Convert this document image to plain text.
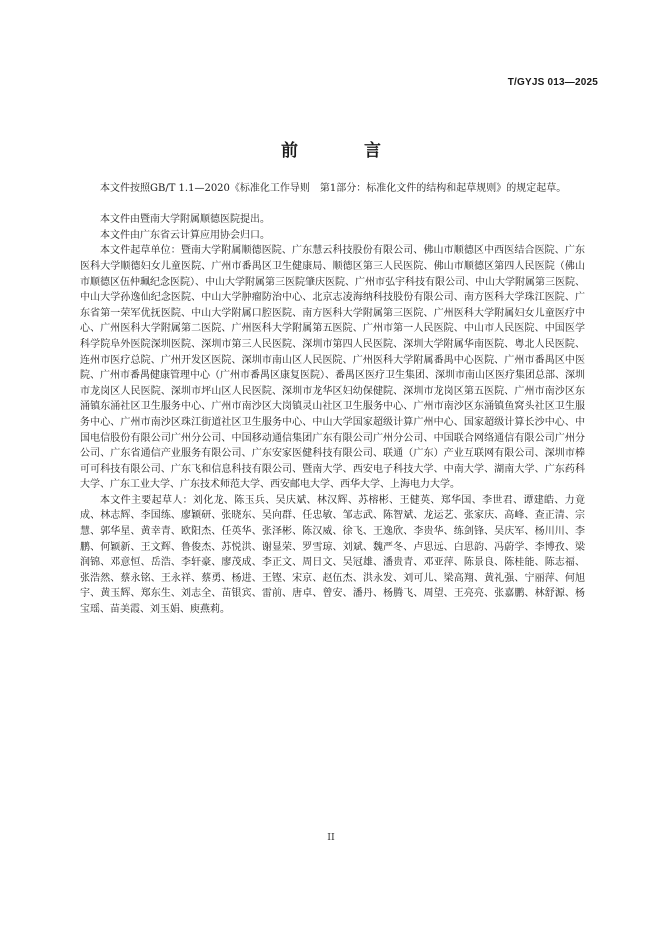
T/GYJS 013—2025
前 言

本文件按照GB/T 1.1—2020《标准化工作导则　第1部分：标准化文件的结构和起草规则》的规定起草。

本文件由暨南大学附属顺德医院提出。

本文件由广东省云计算应用协会归口。

本文件起草单位：暨南大学附属顺德医院、广东慧云科技股份有限公司、佛山市顺德区中西医结合医院、广东医科大学顺德妇女儿童医院、广州市番禺区卫生健康局、顺德区第三人民医院、佛山市顺德区第四人民医院（佛山市顺德区伍仲珮纪念医院）、中山大学附属第三医院肇庆医院、广州市弘宇科技有限公司、中山大学附属第三医院、中山大学孙逸仙纪念医院、中山大学肿瘤防治中心、北京志凌海纳科技股份有限公司、南方医科大学珠江医院、广东省第一荣军优抚医院、中山大学附属口腔医院、南方医科大学附属第三医院、广州医科大学附属妇女儿童医疗中心、广州医科大学附属第二医院、广州医科大学附属第五医院、广州市第一人民医院、中山市人民医院、中国医学科学院阜外医院深圳医院、深圳市第三人民医院、深圳市第四人民医院、深圳大学附属华南医院、粤北人民医院、连州市医疗总院、广州开发区医院、深圳市南山区人民医院、广州医科大学附属番禺中心医院、广州市番禺区中医院、广州市番禺健康管理中心（广州市番禺区康复医院）、番禺区医疗卫生集团、深圳市南山区医疗集团总部、深圳市龙岗区人民医院、深圳市坪山区人民医院、深圳市龙华区妇幼保健院、深圳市龙岗区第五医院、广州市南沙区东涌镇东涌社区卫生服务中心、广州市南沙区大岗镇灵山社区卫生服务中心、广州市南沙区东涌镇鱼窝头社区卫生服务中心、广州市南沙区珠江街道社区卫生服务中心、中山大学国家超级计算广州中心、国家超级计算长沙中心、中国电信股份有限公司广州分公司、中国移动通信集团广东有限公司广州分公司、中国联合网络通信有限公司广州分公司、广东省通信产业服务有限公司、广东安家医健科技有限公司、联通（广东）产业互联网有限公司、深圳市棒可可科技有限公司、广东飞和信息科技有限公司、暨南大学、西安电子科技大学、中南大学、湖南大学、广东药科大学、广东工业大学、广东技术师范大学、西安邮电大学、西华大学、上海电力大学。

本文件主要起草人：刘化龙、陈玉兵、吴庆斌、林汉辉、苏榕彬、王健英、郑华国、李世君、谭建皓、力竟成、林志辉、李国练、廖颖研、张晓东、吴向群、任忠敏、邹志武、陈智斌、龙运艺、张家庆、高峰、查正清、宗慧、郭华星、黄幸青、欧阳杰、任英华、张泽彬、陈汉威、徐飞、王逸欣、李贵华、练剑锋、吴庆军、杨川川、李鹏、何颖新、王文辉、鲁俊杰、苏悦洪、谢显荣、罗雪琼、刘斌、魏严冬、卢思远、白思韵、冯蔚学、李博孜、梁润锦、邓意恒、岳浩、李轩豪、廖茂成、李正文、周日文、吴冠雄、潘贵青、邓亚萍、陈景良、陈桂能、陈志福、张浩然、蔡永铭、王永祥、蔡勇、杨进、王铿、宋京、赵伍杰、洪永发、刘可儿、梁高翔、黄礼强、宁丽萍、何旭宇、黄玉辉、郑东生、刘志全、苗银宾、雷前、唐卓、曾安、潘丹、杨腾飞、周望、王亮亮、张嘉鹏、林舒源、杨宝瑶、苗美霞、刘玉娟、庾燕莉。

II
